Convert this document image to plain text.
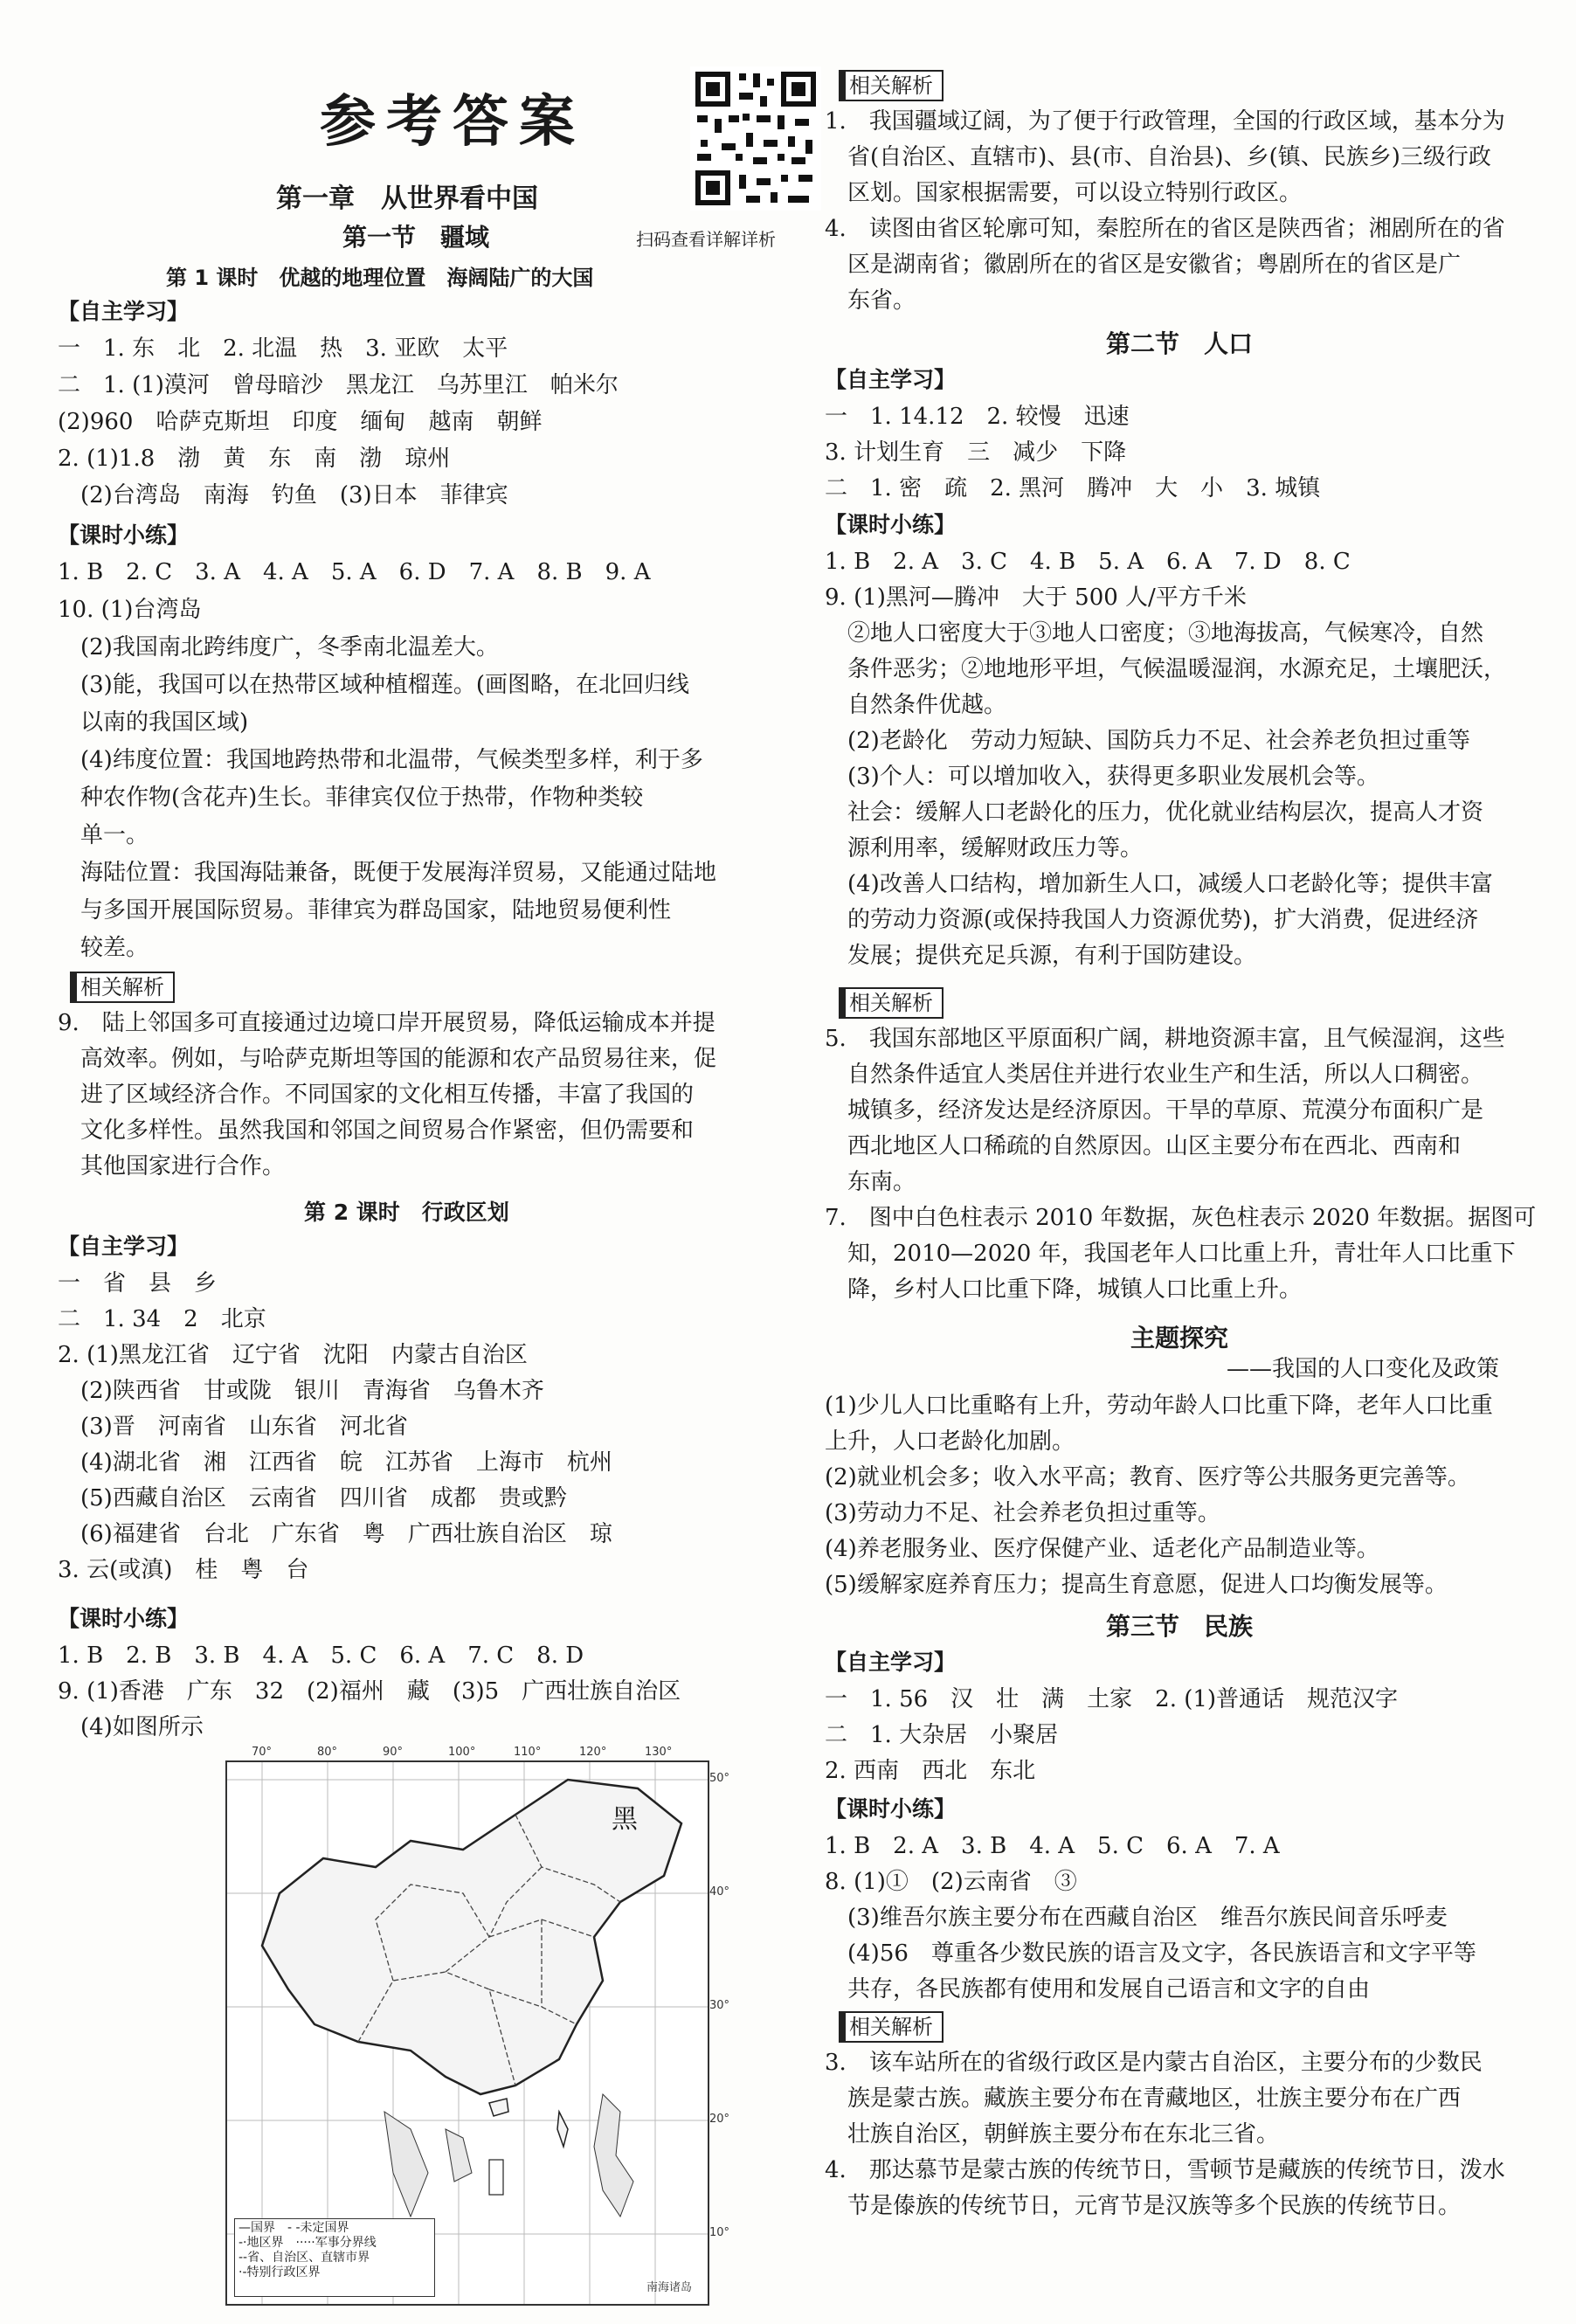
参考答案
扫码查看详解详析
第一章　从世界看中国
第一节　疆域
第 1 课时　优越的地理位置　海阔陆广的大国
【自主学习】
一　1. 东　北　2. 北温　热　3. 亚欧　太平
二　1. (1)漠河　曾母暗沙　黑龙江　乌苏里江　帕米尔
(2)960　哈萨克斯坦　印度　缅甸　越南　朝鲜
2. (1)1.8　渤　黄　东　南　渤　琼州
　(2)台湾岛　南海　钓鱼　(3)日本　菲律宾
【课时小练】
1. B　2. C　3. A　4. A　5. A　6. D　7. A　8. B　9. A
10. (1)台湾岛
　(2)我国南北跨纬度广，冬季南北温差大。
　(3)能，我国可以在热带区域种植榴莲。(画图略，在北回归线
　以南的我国区域)
　(4)纬度位置：我国地跨热带和北温带，气候类型多样，利于多
　种农作物(含花卉)生长。菲律宾仅位于热带，作物种类较
　单一。
　海陆位置：我国海陆兼备，既便于发展海洋贸易，又能通过陆地
　与多国开展国际贸易。菲律宾为群岛国家，陆地贸易便利性
　较差。
相关解析
9.　陆上邻国多可直接通过边境口岸开展贸易，降低运输成本并提
　高效率。例如，与哈萨克斯坦等国的能源和农产品贸易往来，促
　进了区域经济合作。不同国家的文化相互传播，丰富了我国的
　文化多样性。虽然我国和邻国之间贸易合作紧密，但仍需要和
　其他国家进行合作。
第 2 课时　行政区划
【自主学习】
一　省　县　乡
二　1. 34　2　北京
2. (1)黑龙江省　辽宁省　沈阳　内蒙古自治区
　(2)陕西省　甘或陇　银川　青海省　乌鲁木齐
　(3)晋　河南省　山东省　河北省
　(4)湖北省　湘　江西省　皖　江苏省　上海市　杭州
　(5)西藏自治区　云南省　四川省　成都　贵或黔
　(6)福建省　台北　广东省　粤　广西壮族自治区　琼
3. 云(或滇)　桂　粤　台
【课时小练】
1. B　2. B　3. B　4. A　5. C　6. A　7. C　8. D
9. (1)香港　广东　32　(2)福州　藏　(3)5　广西壮族自治区
　(4)如图所示
黑
南海诸岛
—国界　- -未定国界
-·地区界　·····军事分界线
--省、自治区、直辖市界
·-特别行政区界
70°	80°	90°	100°	110°	120°	130°
50°
40°
30°
20°
10°
相关解析
1.　我国疆域辽阔，为了便于行政管理，全国的行政区域，基本分为
　省(自治区、直辖市)、县(市、自治县)、乡(镇、民族乡)三级行政
　区划。国家根据需要，可以设立特别行政区。
4.　读图由省区轮廓可知，秦腔所在的省区是陕西省；湘剧所在的省
　区是湖南省；徽剧所在的省区是安徽省；粤剧所在的省区是广
　东省。
第二节　人口
【自主学习】
一　1. 14.12　2. 较慢　迅速
3. 计划生育　三　减少　下降
二　1. 密　疏　2. 黑河　腾冲　大　小　3. 城镇
【课时小练】
1. B　2. A　3. C　4. B　5. A　6. A　7. D　8. C
9. (1)黑河—腾冲　大于 500 人/平方千米
　②地人口密度大于③地人口密度；③地海拔高，气候寒冷，自然
　条件恶劣；②地地形平坦，气候温暖湿润，水源充足，土壤肥沃，
　自然条件优越。
　(2)老龄化　劳动力短缺、国防兵力不足、社会养老负担过重等
　(3)个人：可以增加收入，获得更多职业发展机会等。
　社会：缓解人口老龄化的压力，优化就业结构层次，提高人才资
　源利用率，缓解财政压力等。
　(4)改善人口结构，增加新生人口，减缓人口老龄化等；提供丰富
　的劳动力资源(或保持我国人力资源优势)，扩大消费，促进经济
　发展；提供充足兵源，有利于国防建设。
相关解析
5.　我国东部地区平原面积广阔，耕地资源丰富，且气候湿润，这些
　自然条件适宜人类居住并进行农业生产和生活，所以人口稠密。
　城镇多，经济发达是经济原因。干旱的草原、荒漠分布面积广是
　西北地区人口稀疏的自然原因。山区主要分布在西北、西南和
　东南。
7.　图中白色柱表示 2010 年数据，灰色柱表示 2020 年数据。据图可
　知，2010—2020 年，我国老年人口比重上升，青壮年人口比重下
　降，乡村人口比重下降，城镇人口比重上升。
主题探究
——我国的人口变化及政策
(1)少儿人口比重略有上升，劳动年龄人口比重下降，老年人口比重
上升，人口老龄化加剧。
(2)就业机会多；收入水平高；教育、医疗等公共服务更完善等。
(3)劳动力不足、社会养老负担过重等。
(4)养老服务业、医疗保健产业、适老化产品制造业等。
(5)缓解家庭养育压力；提高生育意愿，促进人口均衡发展等。
第三节　民族
【自主学习】
一　1. 56　汉　壮　满　土家　2. (1)普通话　规范汉字
二　1. 大杂居　小聚居
2. 西南　西北　东北
【课时小练】
1. B　2. A　3. B　4. A　5. C　6. A　7. A
8. (1)①　(2)云南省　③
　(3)维吾尔族主要分布在西藏自治区　维吾尔族民间音乐呼麦
　(4)56　尊重各少数民族的语言及文字，各民族语言和文字平等
　共存，各民族都有使用和发展自己语言和文字的自由
相关解析
3.　该车站所在的省级行政区是内蒙古自治区，主要分布的少数民
　族是蒙古族。藏族主要分布在青藏地区，壮族主要分布在广西
　壮族自治区，朝鲜族主要分布在东北三省。
4.　那达慕节是蒙古族的传统节日，雪顿节是藏族的传统节日，泼水
　节是傣族的传统节日，元宵节是汉族等多个民族的传统节日。
